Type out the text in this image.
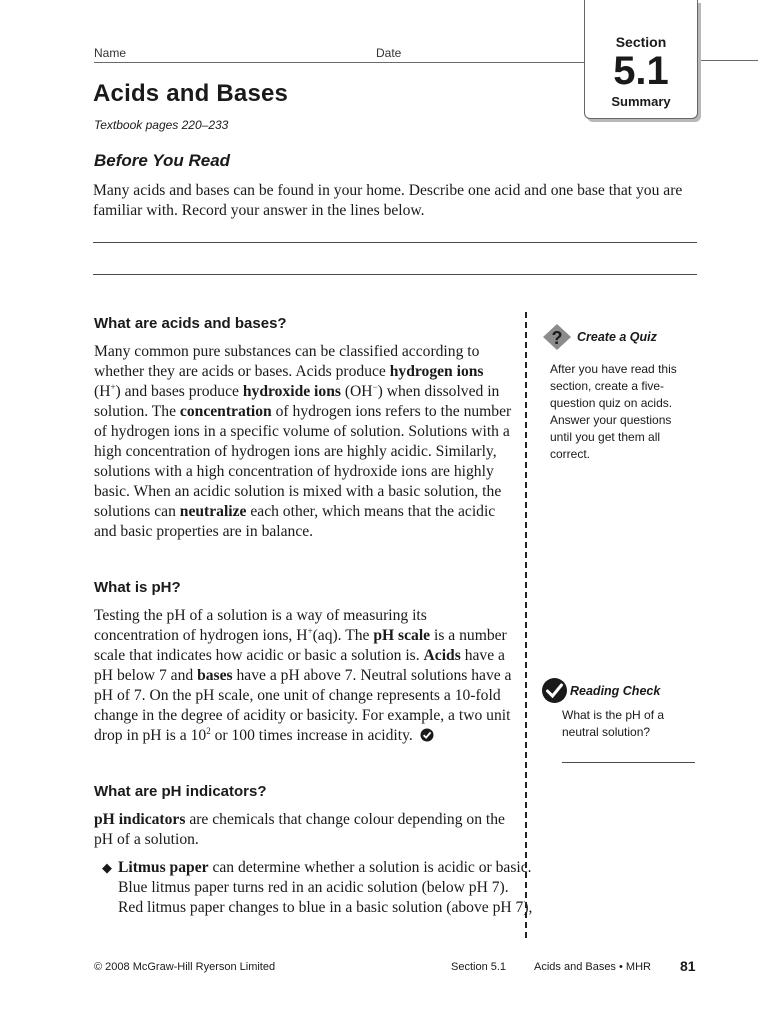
Name	Date
Section
5.1
Summary
Acids and Bases
Textbook pages 220–233
Before You Read
Many acids and bases can be found in your home. Describe one acid and one base that you are familiar with. Record your answer in the lines below.
What are acids and bases?
Many common pure substances can be classified according to whether they are acids or bases. Acids produce hydrogen ions (H+) and bases produce hydroxide ions (OH−) when dissolved in solution. The concentration of hydrogen ions refers to the number of hydrogen ions in a specific volume of solution. Solutions with a high concentration of hydrogen ions are highly acidic. Similarly, solutions with a high concentration of hydroxide ions are highly basic. When an acidic solution is mixed with a basic solution, the solutions can neutralize each other, which means that the acidic and basic properties are in balance.
What is pH?
Testing the pH of a solution is a way of measuring its concentration of hydrogen ions, H+(aq). The pH scale is a number scale that indicates how acidic or basic a solution is. Acids have a pH below 7 and bases have a pH above 7. Neutral solutions have a pH of 7. On the pH scale, one unit of change represents a 10-fold change in the degree of acidity or basicity. For example, a two unit drop in pH is a $10^2$ or 100 times increase in acidity.
What are pH indicators?
pH indicators are chemicals that change colour depending on the pH of a solution.
◆ Litmus paper can determine whether a solution is acidic or basic. Blue litmus paper turns red in an acidic solution (below pH 7). Red litmus paper changes to blue in a basic solution (above pH 7),
? Create a Quiz
After you have read this section, create a five-question quiz on acids. Answer your questions until you get them all correct.
Reading Check
What is the pH of a neutral solution?
© 2008 McGraw-Hill Ryerson Limited	Section 5.1	Acids and Bases • MHR 81
